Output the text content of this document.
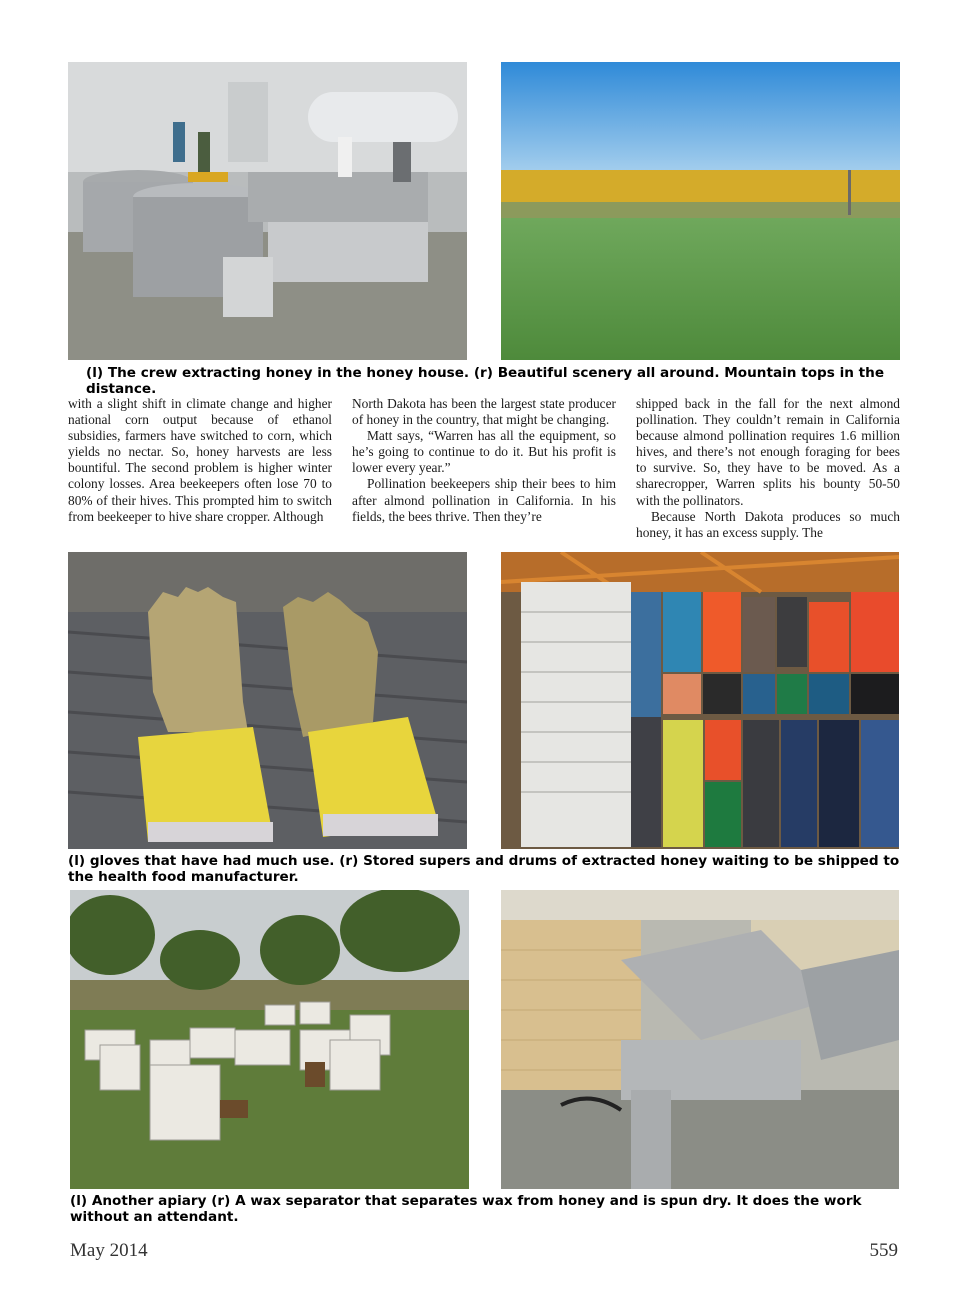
(l) The crew extracting honey in the honey house. (r) Beautiful scenery all around. Mountain tops in the distance.

with a slight shift in climate change and higher national corn output because of ethanol subsidies, farmers have switched to corn, which yields no nectar. So, honey harvests are less bountiful. The second problem is higher winter colony losses. Area beekeepers often lose 70 to 80% of their hives. This prompted him to switch from beekeeper to hive share cropper. Although

North Dakota has been the largest state producer of honey in the country, that might be changing.

Matt says, “Warren has all the equipment, so he’s going to continue to do it. But his profit is lower every year.”

Pollination beekeepers ship their bees to him after almond pollination in California. In his fields, the bees thrive. Then they’re

shipped back in the fall for the next almond pollination. They couldn’t remain in California because almond pollination requires 1.6 million hives, and there’s not enough foraging for bees to survive. So, they have to be moved. As a sharecropper, Warren splits his bounty 50-50 with the pollinators.

Because North Dakota produces so much honey, it has an excess supply. The

(l) gloves that have had much use. (r) Stored supers and drums of extracted honey waiting to be shipped to the health food manufacturer.
(l) Another apiary (r) A wax separator that separates wax from honey and is spun dry. It does the work without an attendant.
May 2014	559
